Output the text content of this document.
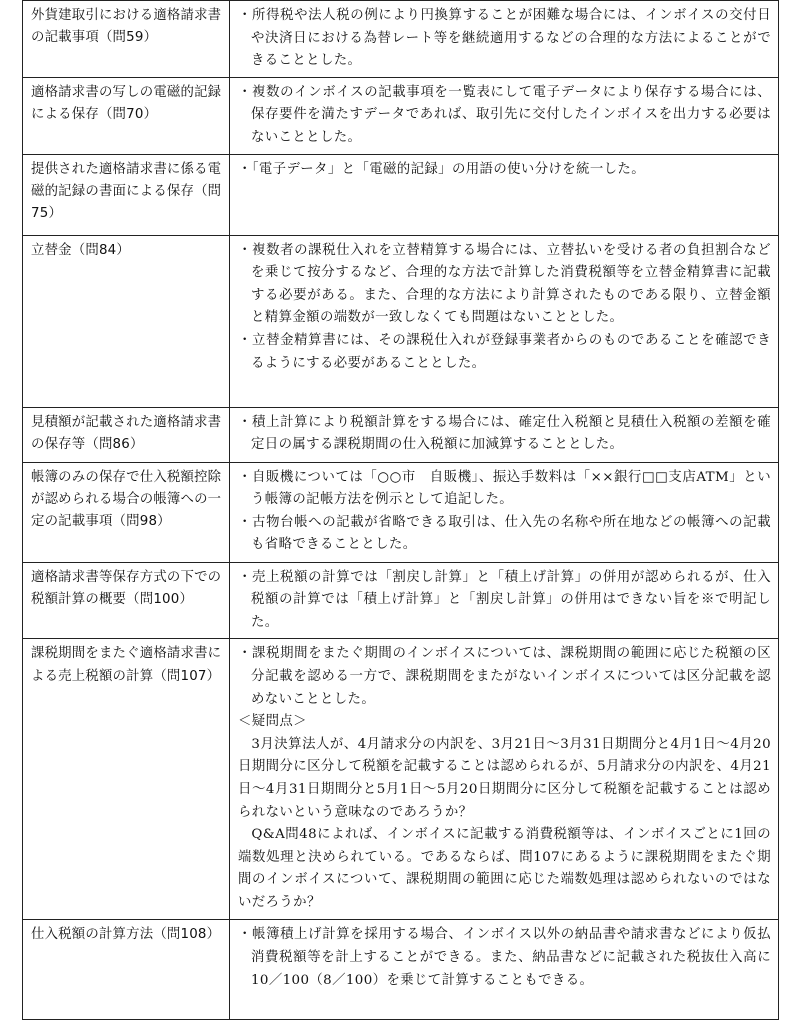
外貨建取引における適格請求書の記載事項（問59）	・所得税や法人税の例により円換算することが困難な場合には、インボイスの交付日や決済日における為替レート等を継続適用するなどの合理的な方法によることができることとした。

適格請求書の写しの電磁的記録による保存（問70）	・複数のインボイスの記載事項を一覧表にして電子データにより保存する場合には、保存要件を満たすデータであれば、取引先に交付したインボイスを出力する必要はないこととした。

提供された適格請求書に係る電磁的記録の書面による保存（問75）	・「電子データ」と「電磁的記録」の用語の使い分けを統一した。

立替金（問84）	・複数者の課税仕入れを立替精算する場合には、立替払いを受ける者の負担割合などを乗じて按分するなど、合理的な方法で計算した消費税額等を立替金精算書に記載する必要がある。また、合理的な方法により計算されたものである限り、立替金額と精算金額の端数が一致しなくても問題はないこととした。
・立替金精算書には、その課税仕入れが登録事業者からのものであることを確認できるようにする必要があることとした。

見積額が記載された適格請求書の保存等（問86）	・積上計算により税額計算をする場合には、確定仕入税額と見積仕入税額の差額を確定日の属する課税期間の仕入税額に加減算することとした。

帳簿のみの保存で仕入税額控除が認められる場合の帳簿への一定の記載事項（問98）	・自販機については「○○市　自販機」、振込手数料は「××銀行□□支店ATM」という帳簿の記帳方法を例示として追記した。
・古物台帳への記載が省略できる取引は、仕入先の名称や所在地などの帳簿への記載も省略できることとした。

適格請求書等保存方式の下での税額計算の概要（問100）	・売上税額の計算では「割戻し計算」と「積上げ計算」の併用が認められるが、仕入税額の計算では「積上げ計算」と「割戻し計算」の併用はできない旨を※で明記した。

課税期間をまたぐ適格請求書による売上税額の計算（問107）	・課税期間をまたぐ期間のインボイスについては、課税期間の範囲に応じた税額の区分記載を認める一方で、課税期間をまたがないインボイスについては区分記載を認めないこととした。
＜疑問点＞
3月決算法人が、4月請求分の内訳を、3月21日～3月31日期間分と4月1日～4月20日期間分に区分して税額を記載することは認められるが、5月請求分の内訳を、4月21日～4月31日期間分と5月1日～5月20日期間分に区分して税額を記載することは認められないという意味なのであろうか？
Q&A問48によれば、インボイスに記載する消費税額等は、インボイスごとに1回の端数処理と決められている。であるならば、問107にあるように課税期間をまたぐ期間のインボイスについて、課税期間の範囲に応じた端数処理は認められないのではないだろうか？

仕入税額の計算方法（問108）	・帳簿積上げ計算を採用する場合、インボイス以外の納品書や請求書などにより仮払消費税額等を計上することができる。また、納品書などに記載された税抜仕入高に10／100（8／100）を乗じて計算することもできる。
